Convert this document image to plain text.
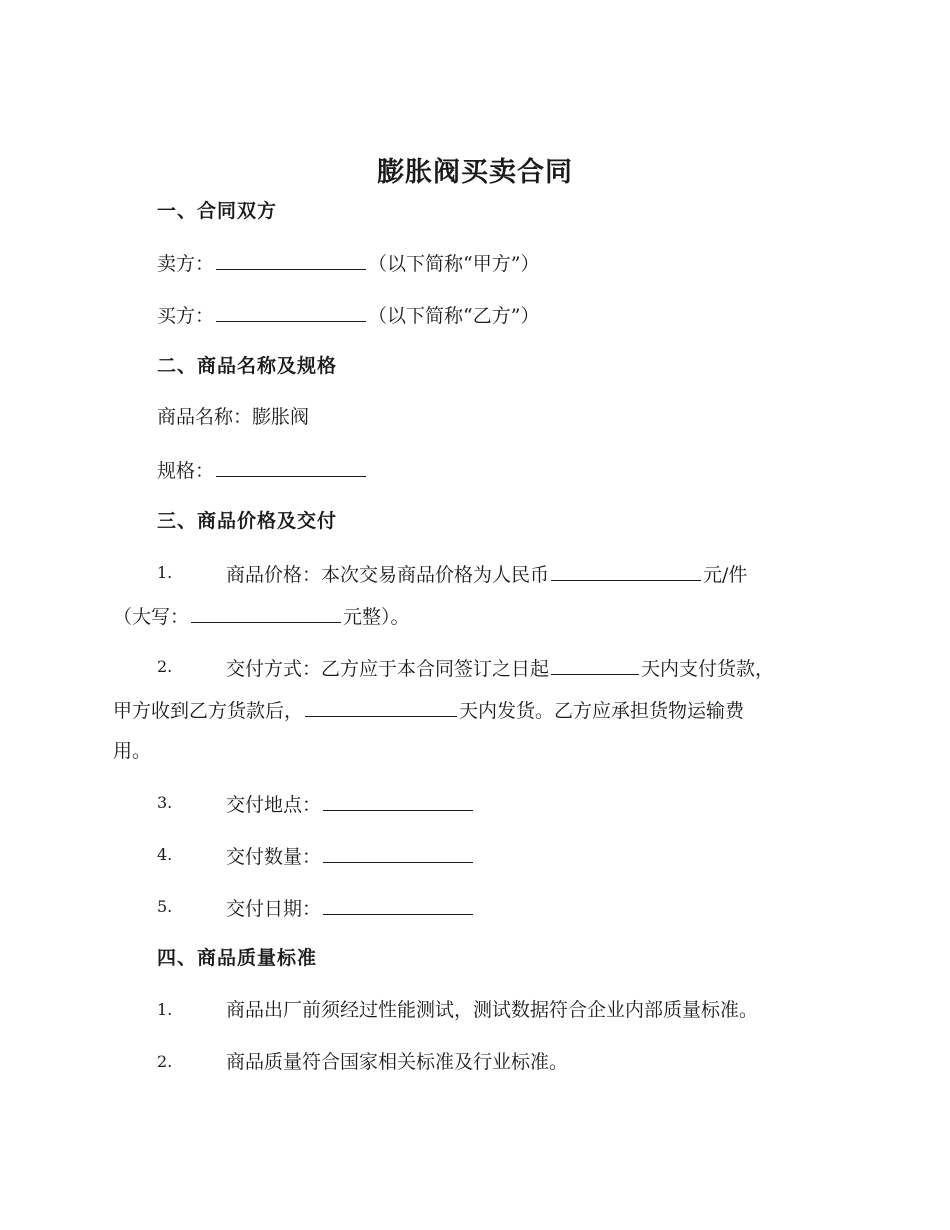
膨胀阀买卖合同
一、合同双方
卖方：	（以下简称“甲方”）
买方：	（以下简称“乙方”）
二、商品名称及规格
商品名称：膨胀阀
规格：
三、商品价格及交付
1.	商品价格：本次交易商品价格为人民币	元/件
（大写：	元整）。
2.	交付方式：乙方应于本合同签订之日起	天内支付货款，
甲方收到乙方货款后，	天内发货。乙方应承担货物运输费
用。
3.	交付地点：
4.	交付数量：
5.	交付日期：
四、商品质量标准
1.	商品出厂前须经过性能测试，测试数据符合企业内部质量标准。
2.	商品质量符合国家相关标准及行业标准。
